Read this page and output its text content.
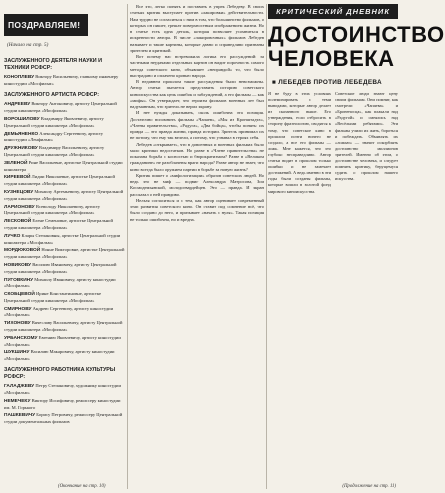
ПОЗДРАВЛЯЕМ!
(Начало на стр. 5)
ЗАСЛУЖЕННОГО ДЕЯТЕЛЯ НАУКИ И ТЕХНИКИ РСФСР:
КОНОПЛЕВУ Виктору Васильевичу, главному инженеру киностудии «Мосфильм»
ЗАСЛУЖЕННОГО АРТИСТА РСФСР:
АНДРЕЕВУ Виктору Антоновичу, артисту Центральной студии киноактера «Мосфильм»
ВОРОШИЛОВУ Владимиру Яковлевичу, артисту Центральной студии киноактера «Мосфильм»
ДЕМЬЯНЕНКО Александру Сергеевичу, артисту киностудии «Ленфильм»
ДРУЖНИКОВУ Владимиру Васильевичу, артисту Центральной студии киноактера «Мосфильм»
ЗЕЛЕНОЙ Рине Васильевне, артистке Центральной студии киноактера
КИРЕЕВОЙ Лидии Николаевне, артистке Центральной студии киноактера «Мосфильм»
КУЗНЕЦОВУ Михаилу Артемьевичу, артисту Центральной студии киноактера «Мосфильм»
ЛАРИОНОВУ Всеволоду Николаевичу, артисту Центральной студии киноактера «Мосфильм»
ЛЕСКОВОЙ Елене Семеновне, артистке Центральной студии киноактера «Мосфильм»
ЛУЧКО Клары Степановны, артистке Центральной студии киноактера «Мосфильм»
МОРДЮКОВОЙ Нонне Викторовне, артистке Центральной студии киноактера «Мосфильм»
НОВИКОВУ Василию Ивановичу, артисту Центральной студии киноактера «Мосфильм»
ПУГОВКИНУ Михаилу Ивановичу, артисту киностудии «Мосфильм»
СКОБЦЕВОЙ Ирине Константиновне, артистке Центральной студии киноактера «Мосфильм»
СМИРНОВУ Андрею Сергеевичу, артисту киностудии «Мосфильм»
ТИХОНОВУ Вячеславу Васильевичу, артисту Центральной студии киноактера «Мосфильм»
УРБАНСКОМУ Евгению Яковлевичу, артисту киностудии «Мосфильм»
ШУКШИНУ Василию Макаровичу, артисту киностудии «Мосфильм»
ЗАСЛУЖЕННОГО РАБОТНИКА КУЛЬТУРЫ РСФСР:
ГАЛАДЖЕВУ Петру Степановичу, художнику киностудии «Мосфильм»
НЕМЕЧЕКУ Виктору Иосифовичу, режиссеру киностудии им. М. Горького
ПАШКЕВИЧУ Борису Петровичу, режиссеру Центральной студии документальных фильмов
(Окончание на стр. 10)

Все это, легко понять и поставить в упрек Лебедеву. В своих статьях критик выступает против «лакировки» действительности. Нам трудно не согласиться с ним в том, что большинство фильмов, о которых он пишет, грешат поверхностным изображением жизни. Но в статье есть одна деталь, которая позволяет усомниться в искренности автора. В числе «лакировочных» фильмов Лебедев называет и такие картины, которые давно и справедливо признаны зрителем и критикой.

Вот почему нас встревожила логика его рассуждений: за частными неудачами отдельных картин он видит порочность самого метода советского кино, объявляет «неправдой» то, что было выстрадано и оплачено кровью народа.

В недавнем прошлом такие рассуждения были невозможны. Автор статьи пытается представить историю советского киноискусства как цепь ошибок и заблуждений, а его фильмы — как «мифы». Он утверждает, что героизм фильмов военных лет был надуманным, что зритель не верил экрану.

И нет нужды доказывать, сколь ошибочна эта позиция. Достаточно вспомнить фильмы «Чапаев», «Мы из Кронштадта», «Члены правительства», «Радуга», «Два бойца», чтобы понять: их правда — это правда жизни, правда истории. Зритель принимал их не потому, что ему так велели, а потому, что узнавал в героях себя.

Лебедев «открывает», что в довоенных и военных фильмах было мало критики недостатков. Но разве в «Члене правительства» не показана борьба с косностью и бюрократизмом? Разве в «Великом гражданине» не разоблачены враги народа? Разве автор не знает, что кино всегда было оружием партии в борьбе за новую жизнь?

Критик пишет о «мифологизации» образов советских людей. Но ведь это не миф — подвиг Александра Матросова, Зои Космодемьянской, молодогвардейцев. Это — правда. И экран рассказал о ней правдиво.

Нельзя согласиться и с тем, как автор оценивает современный этап развития советского кино. Он ставит под сомнение всё, что было создано до него, и призывает «начать с нуля». Такая позиция не только ошибочна, но и вредна.

КРИТИЧЕСКИЙ ДНЕВНИК
ДОСТОИНСТВО
ЧЕЛОВЕКА
■ ЛЕБЕДЕВ ПРОТИВ ЛЕБЕДЕВА
Я не буду в этих условиях полемизировать с теми выводами, которые автор делает из сказанного выше. Его утверждения, если отбросить в сторону фразеологию, сводятся к тому, что советское кино в прошлом почти ничего не создало, а все его фильмы — ложь. Мне кажется, что это глубоко несправедливо. Автор статьи видит в прошлом только ошибки и не замечает достижений. А ведь именно в эти годы были созданы фильмы, которые вошли в золотой фонд мирового киноискусства.
Советские люди знают цену своим фильмам. Они помнят, как смотрели «Чапаева» и «Броненосца», как плакали над «Радугой» и смеялись над «Весёлыми ребятами». Эти фильмы учили их жить, бороться и побеждать. Объявлять их «ложью» — значит оскорблять достоинство миллионов зрителей. Именно об этом, о достоинстве человека, и следует помнить критику, берущемуся судить о прошлом нашего искусства.
(Продолжение на стр. 11)
